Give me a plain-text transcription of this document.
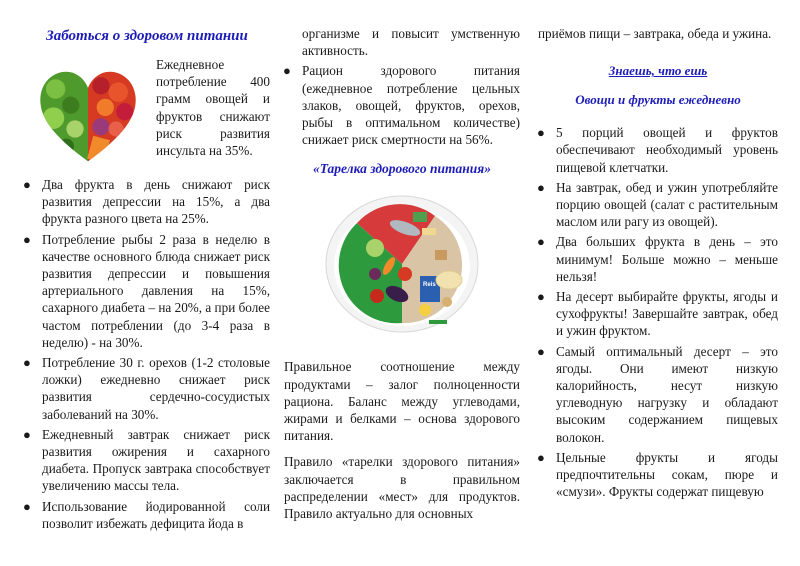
Заботься о здоровом питании

Ежедневное потребление 400 грамм овощей и фруктов снижают риск развития инсульта на 35%.

● Два фрукта в день снижают риск развития депрессии на 15%, а два фрукта разного цвета на 25%.
● Потребление рыбы 2 раза в неделю в качестве основного блюда снижает риск развития депрессии и повышения артериального давления на 15%, сахарного диабета – на 20%, а при более частом потреблении (до 3-4 раза в неделю) - на 30%.
● Потребление 30 г. орехов (1-2 столовые ложки) ежедневно снижает риск развития сердечно-сосудистых заболеваний на 30%.
● Ежедневный завтрак снижает риск развития ожирения и сахарного диабета. Пропуск завтрака способствует увеличению массы тела.
● Использование йодированной соли позволит избежать дефицита йода в

организме и повысит умственную активность.

● Рацион здорового питания (ежедневное потребление цельных злаков, овощей, фруктов, орехов, рыбы в оптимальном количестве) снижает риск смертности на 56%.
«Тарелка здорового питания»
Reis

Правильное соотношение между продуктами – залог полноценности рациона. Баланс между углеводами, жирами и белками – основа здорового питания.

Правило «тарелки здорового питания» заключается в правильном распределении «мест» для продуктов. Правило актуально для основных

приёмов пищи – завтрака, обеда и ужина.

Знаешь, что ешь
Овощи и фрукты ежедневно
● 5 порций овощей и фруктов обеспечивают необходимый уровень пищевой клетчатки.
● На завтрак, обед и ужин употребляйте порцию овощей (салат с растительным маслом или рагу из овощей).
● Два больших фрукта в день – это минимум! Больше можно – меньше нельзя!
● На десерт выбирайте фрукты, ягоды и сухофрукты! Завершайте завтрак, обед и ужин фруктом.
● Самый оптимальный десерт – это ягоды. Они имеют низкую калорийность, несут низкую углеводную нагрузку и обладают высоким содержанием пищевых волокон.
● Цельные фрукты и ягоды предпочтительны сокам, пюре и «смузи». Фрукты содержат пищевую
